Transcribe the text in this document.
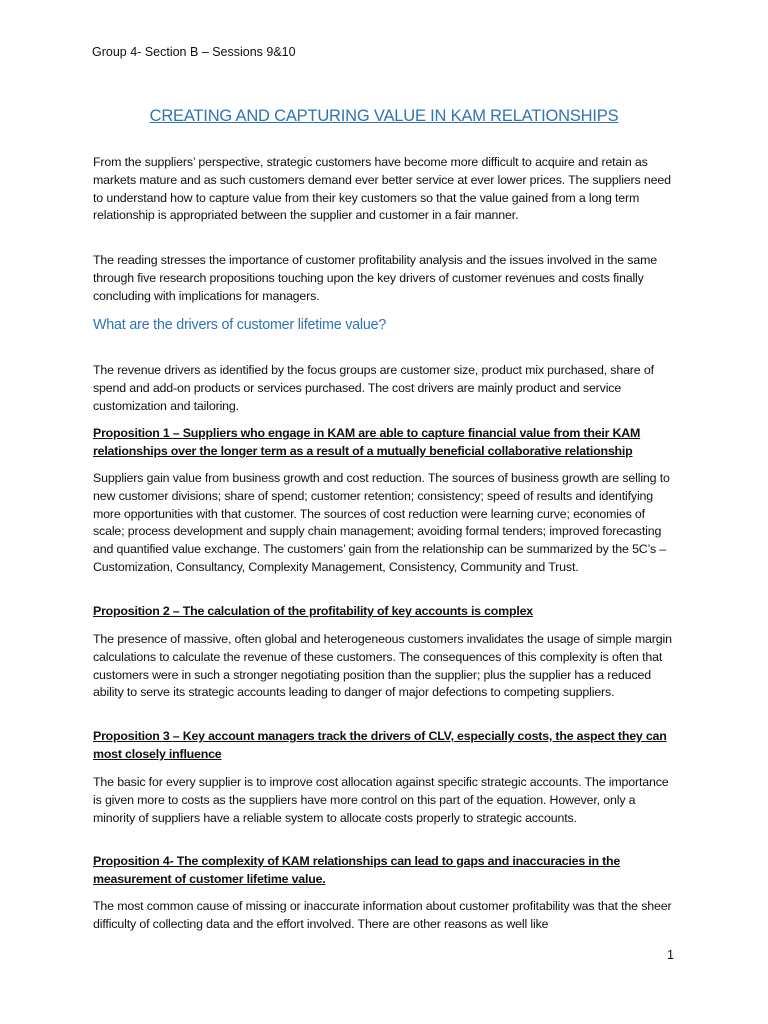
Group 4- Section B – Sessions 9&10
CREATING AND CAPTURING VALUE IN KAM RELATIONSHIPS

From the suppliers’ perspective, strategic customers have become more difficult to acquire and retain as markets mature and as such customers demand ever better service at ever lower prices. The suppliers need to understand how to capture value from their key customers so that the value gained from a long term relationship is appropriated between the supplier and customer in a fair manner.

The reading stresses the importance of customer profitability analysis and the issues involved in the same through five research propositions touching upon the key drivers of customer revenues and costs finally concluding with implications for managers.

What are the drivers of customer lifetime value?

The revenue drivers as identified by the focus groups are customer size, product mix purchased, share of spend and add-on products or services purchased. The cost drivers are mainly product and service customization and tailoring.

Proposition 1 – Suppliers who engage in KAM are able to capture financial value from their KAM relationships over the longer term as a result of a mutually beneficial collaborative relationship

Suppliers gain value from business growth and cost reduction. The sources of business growth are selling to new customer divisions; share of spend; customer retention; consistency; speed of results and identifying more opportunities with that customer. The sources of cost reduction were learning curve; economies of scale; process development and supply chain management; avoiding formal tenders; improved forecasting and quantified value exchange. The customers’ gain from the relationship can be summarized by the 5C’s – Customization, Consultancy, Complexity Management, Consistency, Community and Trust.

Proposition 2 – The calculation of the profitability of key accounts is complex

The presence of massive, often global and heterogeneous customers invalidates the usage of simple margin calculations to calculate the revenue of these customers. The consequences of this complexity is often that customers were in such a stronger negotiating position than the supplier; plus the supplier has a reduced ability to serve its strategic accounts leading to danger of major defections to competing suppliers.

Proposition 3 – Key account managers track the drivers of CLV, especially costs, the aspect they can most closely influence

The basic for every supplier is to improve cost allocation against specific strategic accounts. The importance is given more to costs as the suppliers have more control on this part of the equation. However, only a minority of suppliers have a reliable system to allocate costs properly to strategic accounts.

Proposition 4- The complexity of KAM relationships can lead to gaps and inaccuracies in the measurement of customer lifetime value.

The most common cause of missing or inaccurate information about customer profitability was that the sheer difficulty of collecting data and the effort involved. There are other reasons as well like

1
